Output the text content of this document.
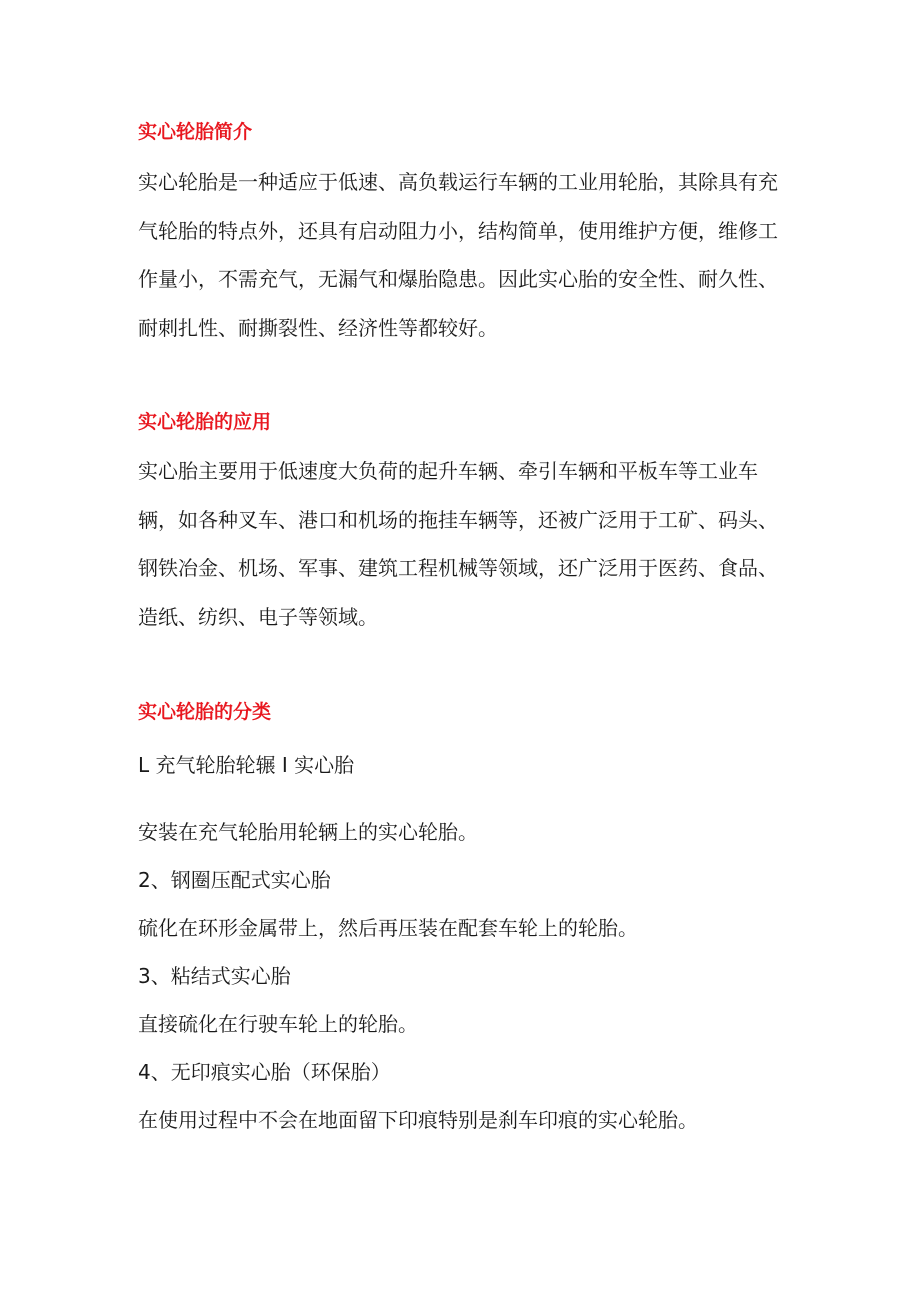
实心轮胎简介
实心轮胎是一种适应于低速、高负载运行车辆的工业用轮胎，其除具有充气轮胎的特点外，还具有启动阻力小，结构简单，使用维护方便，维修工作量小，不需充气，无漏气和爆胎隐患。因此实心胎的安全性、耐久性、耐刺扎性、耐撕裂性、经济性等都较好。
实心轮胎的应用
实心胎主要用于低速度大负荷的起升车辆、牵引车辆和平板车等工业车辆，如各种叉车、港口和机场的拖挂车辆等，还被广泛用于工矿、码头、钢铁冶金、机场、军事、建筑工程机械等领域，还广泛用于医药、食品、造纸、纺织、电子等领域。
实心轮胎的分类
L 充气轮胎轮辗 I 实心胎
安装在充气轮胎用轮辆上的实心轮胎。
2、钢圈压配式实心胎
硫化在环形金属带上，然后再压装在配套车轮上的轮胎。
3、粘结式实心胎
直接硫化在行驶车轮上的轮胎。
4、无印痕实心胎（环保胎）
在使用过程中不会在地面留下印痕特别是刹车印痕的实心轮胎。
